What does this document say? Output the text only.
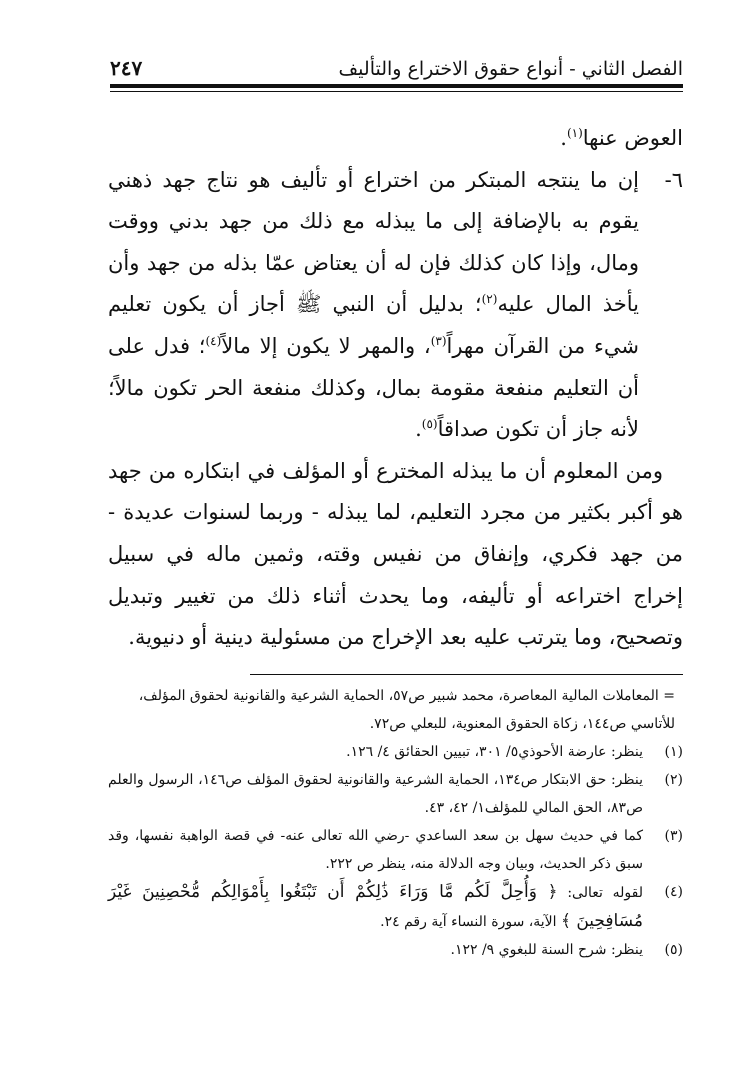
الفصل الثاني - أنواع حقوق الاختراع والتأليف
٢٤٧

العوض عنها$^{(١)}$.

٦-
إن ما ينتجه المبتكر من اختراع أو تأليف هو نتاج جهد ذهني يقوم به بالإضافة إلى ما يبذله مع ذلك من جهد بدني ووقت ومال، وإذا كان كذلك فإن له أن يعتاض عمّا بذله من جهد وأن يأخذ المال عليه$^{(٢)}$؛ بدليل أن النبي ﷺ أجاز أن يكون تعليم شيء من القرآن مهراً$^{(٣)}$، والمهر لا يكون إلا مالاً$^{(٤)}$؛ فدل على أن التعليم منفعة مقومة بمال، وكذلك منفعة الحر تكون مالاً؛ لأنه جاز أن تكون صداقاً$^{(٥)}$.

ومن المعلوم أن ما يبذله المخترع أو المؤلف في ابتكاره من جهد هو أكبر بكثير من مجرد التعليم، لما يبذله - وربما لسنوات عديدة - من جهد فكري، وإنفاق من نفيس وقته، وثمين ماله في سبيل إخراج اختراعه أو تأليفه، وما يحدث أثناء ذلك من تغيير وتبديل وتصحيح، وما يترتب عليه بعد الإخراج من مسئولية دينية أو دنيوية.

= المعاملات المالية المعاصرة، محمد شبير ص٥٧، الحماية الشرعية والقانونية لحقوق المؤلف، للأتاسي ص١٤٤، زكاة الحقوق المعنوية، للبعلي ص٧٢.
(١)
ينظر: عارضة الأحوذي٥/ ٣٠١، تبيين الحقائق ٤/ ١٢٦.
(٢)
ينظر: حق الابتكار ص١٣٤، الحماية الشرعية والقانونية لحقوق المؤلف ص١٤٦، الرسول والعلم ص٨٣، الحق المالي للمؤلف١/ ٤٢، ٤٣.
(٣)
كما في حديث سهل بن سعد الساعدي -رضي الله تعالى عنه- في قصة الواهبة نفسها، وقد سبق ذكر الحديث، وبيان وجه الدلالة منه، ينظر ص ٢٢٢.
(٤)
لقوله تعالى: ﴿ وَأُحِلَّ لَكُم مَّا وَرَاءَ ذَٰلِكُمْ أَن تَبْتَغُوا بِأَمْوَالِكُم مُّحْصِنِينَ غَيْرَ مُسَافِحِينَ ﴾ الآية، سورة النساء آية رقم ٢٤.
(٥)
ينظر: شرح السنة للبغوي ٩/ ١٢٢.
